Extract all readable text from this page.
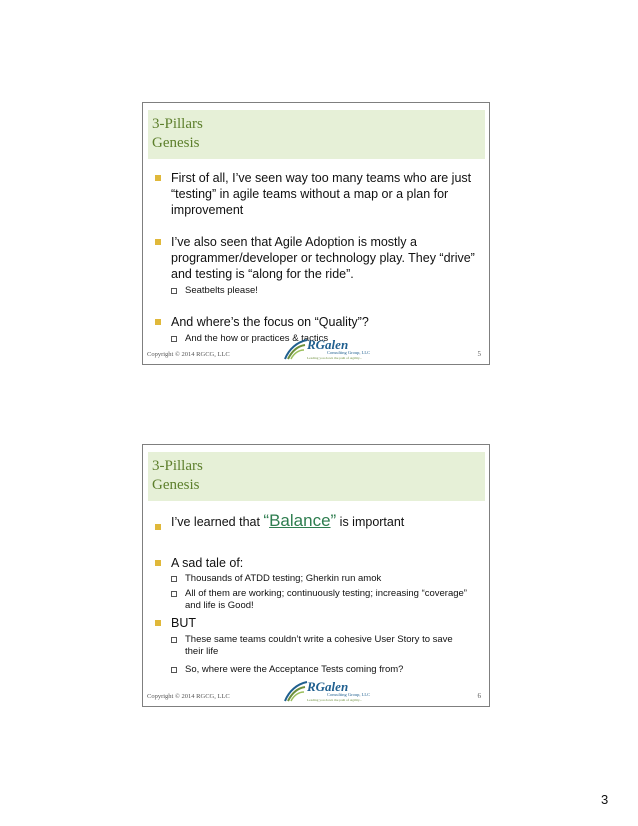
3-Pillars
Genesis
First of all, I’ve seen way too many teams who are just “testing” in agile teams without a map or a plan for improvement
I’ve also seen that Agile Adoption is mostly a programmer/developer or technology play. They “drive” and testing is “along for the ride”.
Seatbelts please!
And where’s the focus on “Quality”?
And the how or practices & tactics
Copyright © 2014 RGCG, LLC
RGalen
Consulting Group, LLC
Leading you down the path of Agility...	5
3-Pillars
Genesis
I’ve learned that “Balance” is important
A sad tale of:
Thousands of ATDD testing; Gherkin run amok
All of them are working; continuously testing; increasing “coverage” and life is Good!
BUT
These same teams couldn’t write a cohesive User Story to save their life
So, where were the Acceptance Tests coming from?
Copyright © 2014 RGCG, LLC
RGalen
Consulting Group, LLC
Leading you down the path of Agility...	6
3
